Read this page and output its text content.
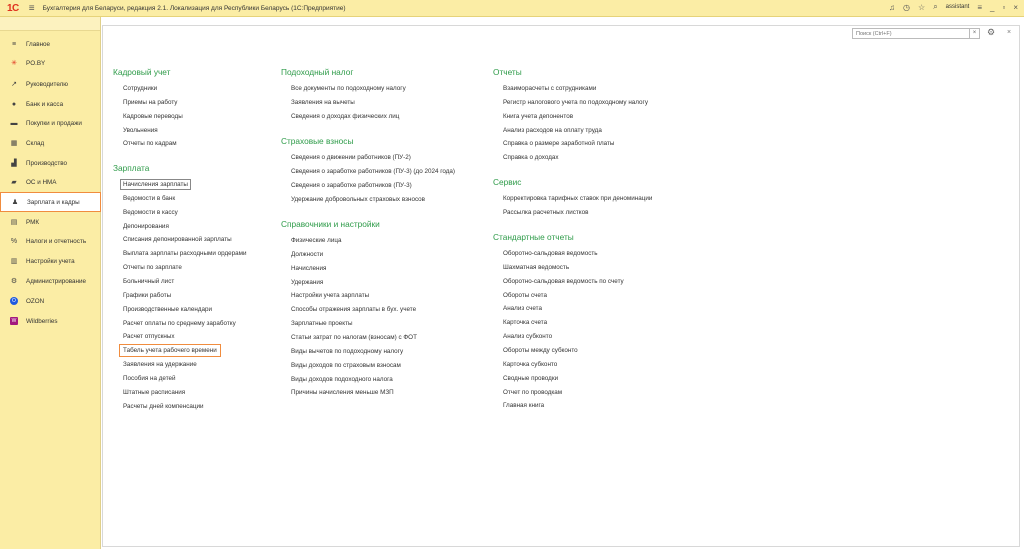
1С ≡ Бухгалтерия для Беларуси, редакция 2.1. Локализация для Республики Беларусь (1С:Предприятие)	♫ ◷ ☆ ⌕ assistant ≡ _ ▫ ×
≡	Главное
✳	PO.BY
↗	Руководителю
●	Банк и касса
▬ Покупки и продажи
▦ Склад
▟	Производство
▰	ОС и НМА
♟ Зарплата и кадры
▤ РМК
%	Налоги и отчетность
▥ Настройки учета
⚙ Администрирование
O	OZON
W Wildberries
Поиск (Ctrl+F)
×	⚙ ×
Кадровый учет
Сотрудники
Приемы на работу
Кадровые переводы
Увольнения
Отчеты по кадрам
Зарплата
Начисления зарплаты
Ведомости в банк
Ведомости в кассу
Депонирования
Списания депонированной зарплаты
Выплата зарплаты расходными ордерами
Отчеты по зарплате
Больничный лист
Графики работы
Производственные календари
Расчет оплаты по среднему заработку
Расчет отпускных
Табель учета рабочего времени
Заявления на удержание
Пособия на детей
Штатные расписания
Расчеты дней компенсации
Подоходный налог
Все документы по подоходному налогу
Заявления на вычеты
Сведения о доходах физических лиц
Страховые взносы
Сведения о движении работников (ПУ-2)
Сведения о заработке работников (ПУ-3) (до 2024 года)
Сведения о заработке работников (ПУ-3)
Удержание добровольных страховых взносов
Справочники и настройки
Физические лица
Должности
Начисления
Удержания
Настройки учета зарплаты
Способы отражения зарплаты в бух. учете
Зарплатные проекты
Статьи затрат по налогам (взносам) с ФОТ
Виды вычетов по подоходному налогу
Виды доходов по страховым взносам
Виды доходов подоходного налога
Причины начисления меньше МЗП
Отчеты
Взаиморасчеты с сотрудниками
Регистр налогового учета по подоходному налогу
Книга учета депонентов
Анализ расходов на оплату труда
Справка о размере заработной платы
Справка о доходах
Сервис
Корректировка тарифных ставок при деноминации
Рассылка расчетных листков
Стандартные отчеты
Оборотно-сальдовая ведомость
Шахматная ведомость
Оборотно-сальдовая ведомость по счету
Обороты счета
Анализ счета
Карточка счета
Анализ субконто
Обороты между субконто
Карточка субконто
Сводные проводки
Отчет по проводкам
Главная книга
